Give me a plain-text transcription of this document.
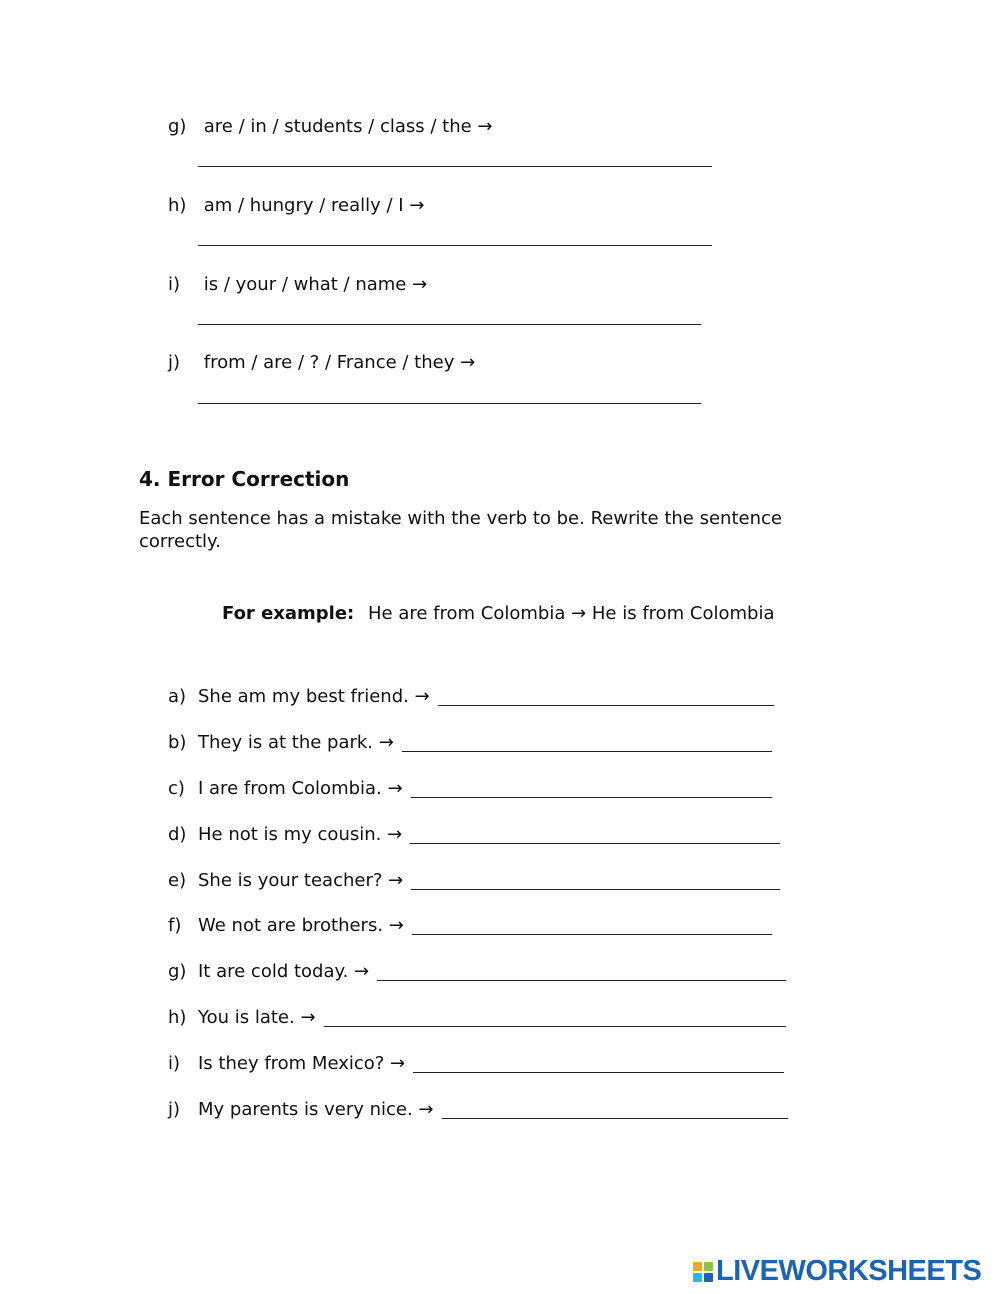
g) are / in / students / class / the →
h) am / hungry / really / I →
i) is / your / what / name →
j) from / are / ? / France / they →
4. Error Correction
Each sentence has a mistake with the verb to be. Rewrite the sentence correctly.
For example: He are from Colombia → He is from Colombia
a) She am my best friend. →
b) They is at the park. →
c) I are from Colombia. →
d) He not is my cousin. →
e) She is your teacher? →
f) We not are brothers. →
g) It are cold today. →
h) You is late. →
i) Is they from Mexico? →
j) My parents is very nice. →
LIVEWORKSHEETS
